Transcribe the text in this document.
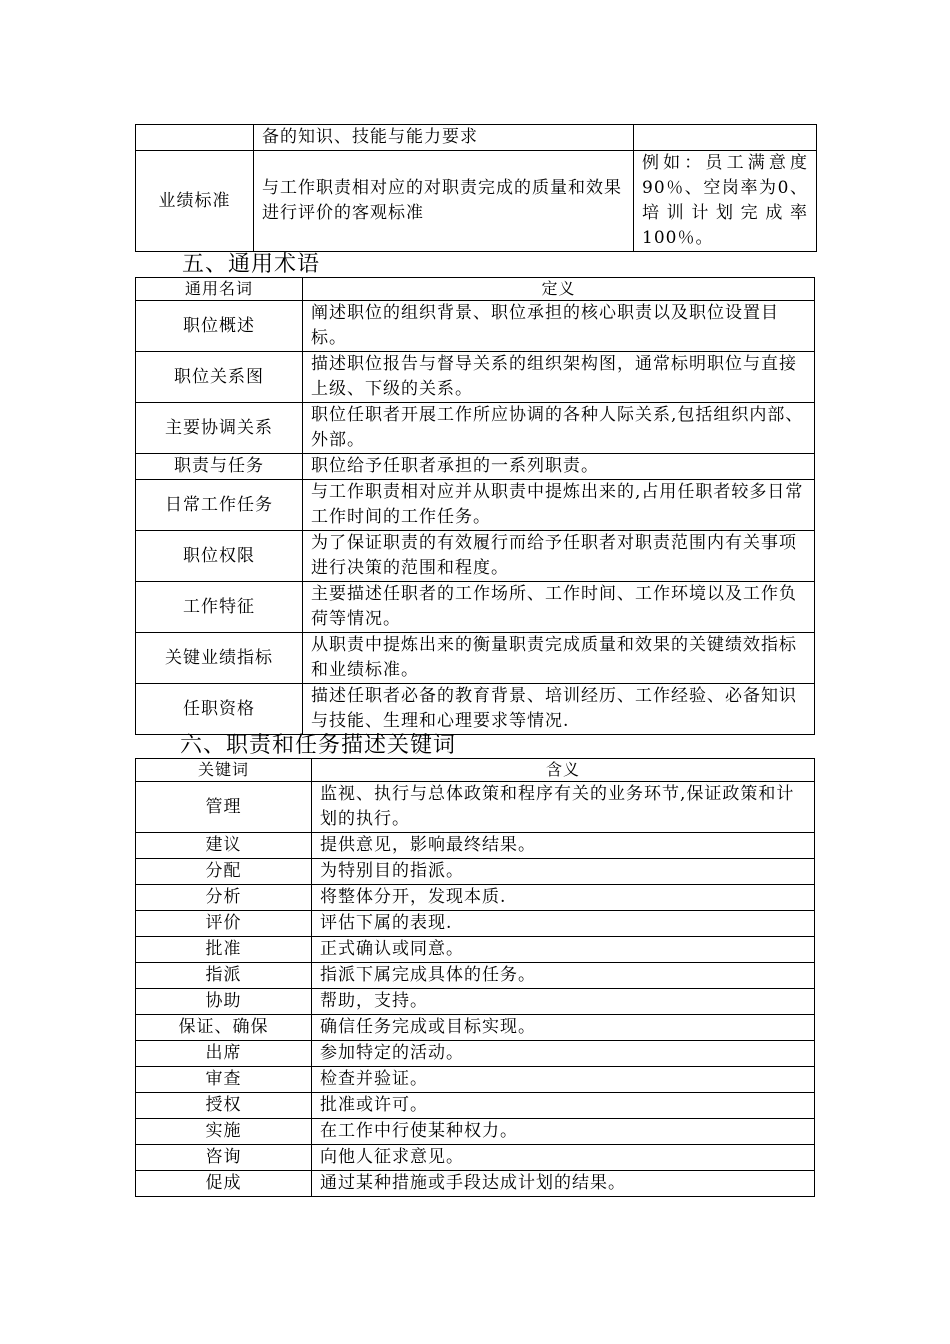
	备的知识、技能与能力要求	
业绩标准	与工作职责相对应的对职责完成的质量和效果进行评价的客观标准	例如：员工满意度90％、空岗率为0、培训计划完成率100％。
五、通用术语
通用名词	定义
职位概述	阐述职位的组织背景、职位承担的核心职责以及职位设置目标。
职位关系图	描述职位报告与督导关系的组织架构图，通常标明职位与直接上级、下级的关系。
主要协调关系	职位任职者开展工作所应协调的各种人际关系,包括组织内部、外部。
职责与任务	职位给予任职者承担的一系列职责。
日常工作任务	与工作职责相对应并从职责中提炼出来的,占用任职者较多日常工作时间的工作任务。
职位权限	为了保证职责的有效履行而给予任职者对职责范围内有关事项进行决策的范围和程度。
工作特征	主要描述任职者的工作场所、工作时间、工作环境以及工作负荷等情况。
关键业绩指标	从职责中提炼出来的衡量职责完成质量和效果的关键绩效指标和业绩标准。
任职资格	描述任职者必备的教育背景、培训经历、工作经验、必备知识与技能、生理和心理要求等情况.
六、职责和任务描述关键词
关键词	含义
管理	监视、执行与总体政策和程序有关的业务环节,保证政策和计划的执行。
建议	提供意见，影响最终结果。
分配	为特别目的指派。
分析	将整体分开，发现本质.
评价	评估下属的表现.
批准	正式确认或同意。
指派	指派下属完成具体的任务。
协助	帮助，支持。
保证、确保	确信任务完成或目标实现。
出席	参加特定的活动。
审查	检查并验证。
授权	批准或许可。
实施	在工作中行使某种权力。
咨询	向他人征求意见。
促成	通过某种措施或手段达成计划的结果。
